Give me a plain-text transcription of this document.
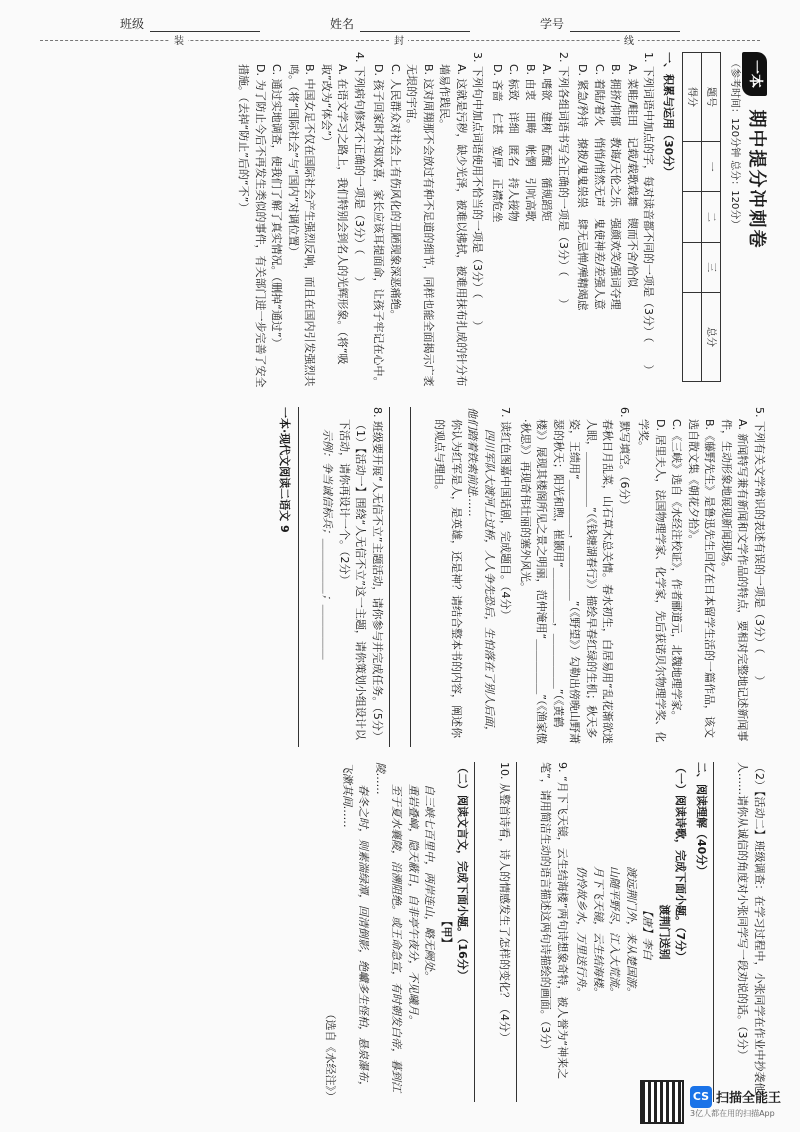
班级	姓名	学号
装	封	线
一本 期中提分冲刺卷
（参考时间：120分钟 总分：120分）
题号	一	二	三	总分
得分				
一、积累与运用（30分）
1. 下列词语中加点的字，每对读音都不同的一项是（3分）（　　）
A. 菜畦/畦田　记载/载歌载舞　锲而不舍/恰似
B. 拥挤/抑郁　教诲/天伦之乐　强颜欢笑/强词夺理
C. 着陆/着火　悄悄/悄然无声　鬼使神差/差强人意
D. 紧急/矜持　撩拨/鬼鬼祟祟　肆无忌惮/殚精竭虑
2. 下列各组词语书写全正确的一项是（3分）（　　）
A. 嗜欲　建树　酝酿　循规蹈矩
B. 由衷　田畴　帐惘　引吭高歌
C. 标致　详细　匿名　持人接物
D. 吝啬　仁甚　宽厚　正襟危坐
3. 下列句中加点词语使用不恰当的一项是（3分）（　　）
A. 这就是污秽，缺少光泽，被难以拂拭，被难用抹布扎成的针分布墙易作践民。
B. 这对周翔那不会放过有种不足道的细节，同样也能全面揭示广袤无垠的宇宙。
C. 人民群众对社会上有伤风化的丑陋现象深恶痛绝。
D. 孩子回家时不知欢喜，家长应该耳提面命，让孩子牢记在心中。
4. 下列病句修改不正确的一项是（3分）（　　）
A. 在语文学习之路上，我们特别会到名人的光辉形象。（将“吸取”改为“体会”）
B. 中国女足不仅在国际社会产生强烈反响，而且在国内引发强烈共鸣。（将“国际社会”与“国内”对调位置）
C. 通过实地调查，使我们了解了真实情况。（删掉“通过”）
D. 为了防止今后不再发生类似的事件，有关部门进一步完善了安全措施。（去掉“防止”后的“不”）
5. 下列有关文学常识的表述有误的一项是（3分）（　　）
A. 新闻特写兼有新闻和文学作品的特点，要相对完整地记述新闻事件，生动形象地展现新闻现场。
B.《藤野先生》是鲁迅先生回忆在日本留学生活的一篇作品，该文选自散文集《朝花夕拾》。
C.《三峡》选自《水经注校证》，作者郦道元，北魏地理学家。
D. 居里夫人，法国物理学家、化学家，先后获诺贝尔物理学奖、化学奖。
6. 默写填空。（6分）
春秋日月乱菜，山石草木总关情。春水初生，白居易用“乱花渐欲迷人眼，＿＿＿＿＿”（《钱塘湖春行》）描绘早春红绿的生机；秋天多姿，王绩用“＿＿＿＿＿，＿＿＿＿＿”（《野望》）勾勒出傍晚山野萧瑟的秋天；阳光和煦，崔颢用“＿＿＿＿＿，＿＿＿＿＿”（《黄鹤楼》）展现其楼阁所见之景之明丽，范仲淹用“＿＿＿＿＿”（《渔家傲·秋思》）再现奇伟壮丽的塞外风光。
7. 读红色图嘉中国话剧，完成题目。（4分）
四川军队大渡河上过桥，人人争先恐后，生怕落在了别人后面，他们踏着铁索前进……
你认为红军是人，是英雄，还是神？请结合整本书的内容，阐述你的观点与理由。
8. 班级要开展“人无信不立”主题活动，请你参与并完成任务。（5分）
（1）【活动一】围绕“人无信不立”这一主题，请你策划小组设计以下活动，请你再设计一个。（2分）
示例：争当诚信标兵；＿＿＿＿＿；＿＿＿＿＿
一本·现代文阅读二语文 9
（2）【活动二】班级调查：在学习过程中，小张同学在作业中抄袭他人……请你从诚信的角度对小张同学写一段劝说的话。（3分）
二、阅读理解（40分）
（一）阅读诗歌，完成下面小题。（7分）
渡荆门送别
【唐】李白
渡远荆门外，来从楚国游。
山随平野尽，江入大荒流。
月下飞天镜，云生结海楼。
仍怜故乡水，万里送行舟。
9. “月下飞天镜，云生结海楼”两句诗想象奇特，被人誉为“神来之笔”，请用简洁生动的语言描述这两句诗描绘的画面。（3分）
10. 从整首诗看，诗人的情感发生了怎样的变化？（4分）
（二）阅读文言文，完成下面小题。（16分）
【甲】
自三峡七百里中，两岸连山，略无阙处。
重岩叠嶂，隐天蔽日，自非亭午夜分，不见曦月。
至于夏水襄陵，沿溯阻绝。或王命急宣，有时朝发白帝，暮到江陵……
春冬之时，则素湍绿潭，回清倒影，绝巘多生怪柏，悬泉瀑布，飞漱其间……
（选自《水经注》）	CS 扫描全能王
3亿人都在用的扫描App
